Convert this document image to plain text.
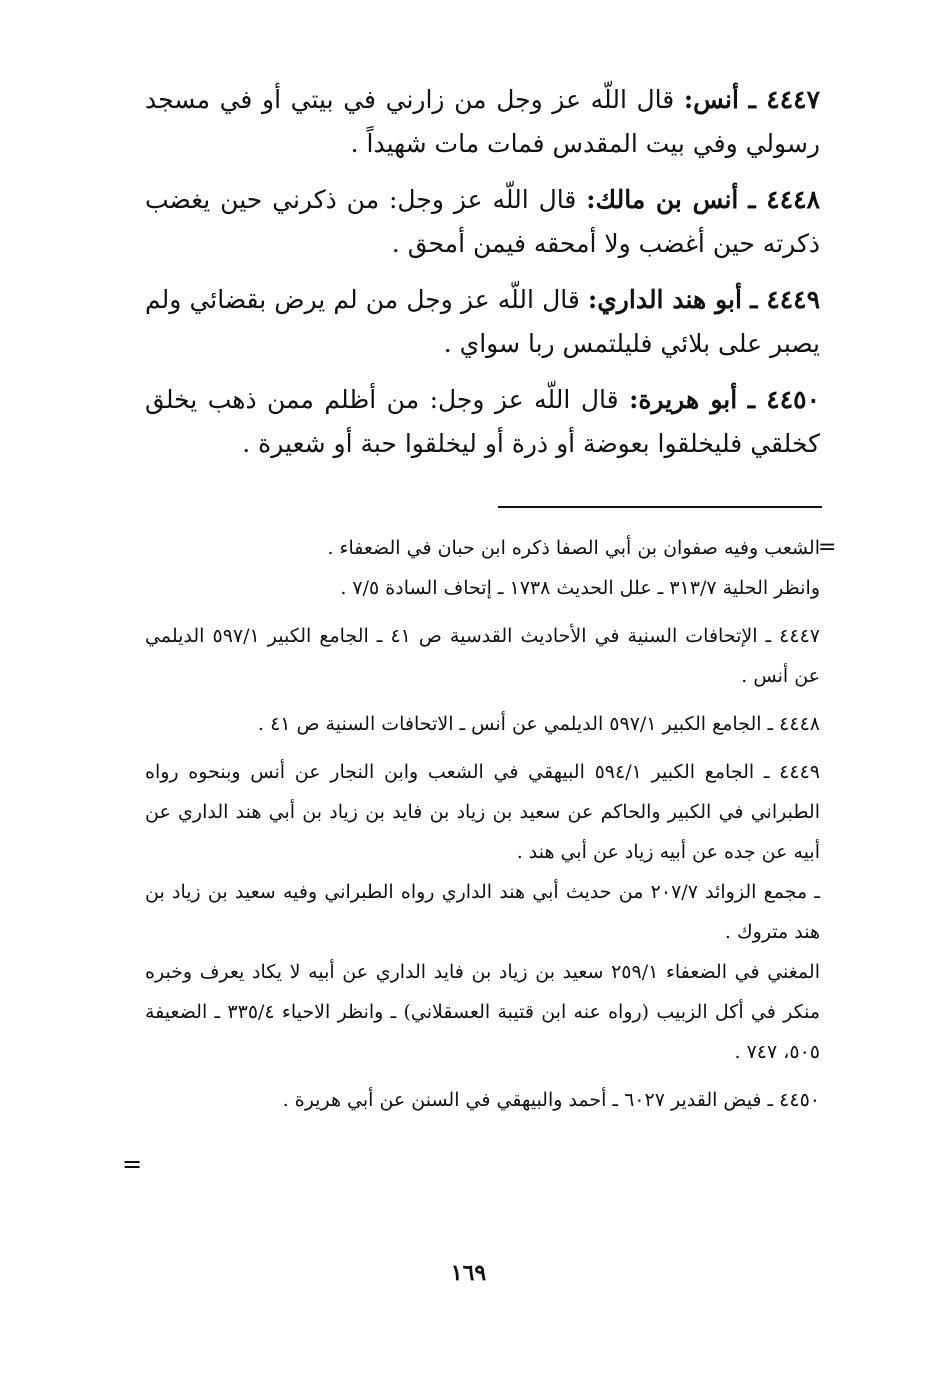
٤٤٤٧ ـ أنس: قال اللّه عز وجل من زارني في بيتي أو في مسجد رسولي وفي بيت المقدس فمات مات شهيداً .

٤٤٤٨ ـ أنس بن مالك: قال اللّه عز وجل: من ذكرني حين يغضب ذكرته حين أغضب ولا أمحقه فيمن أمحق .

٤٤٤٩ ـ أبو هند الداري: قال اللّه عز وجل من لم يرض بقضائي ولم يصبر على بلائي فليلتمس ربا سواي .

٤٤٥٠ ـ أبو هريرة: قال اللّه عز وجل: من أظلم ممن ذهب يخلق كخلقي فليخلقوا بعوضة أو ذرة أو ليخلقوا حبة أو شعيرة .

=

الشعب وفيه صفوان بن أبي الصفا ذكره ابن حبان في الضعفاء .

وانظر الحلية ٣١٣/٧ ـ علل الحديث ١٧٣٨ ـ إتحاف السادة ٧/٥ .

٤٤٤٧ ـ الإتحافات السنية في الأحاديث القدسية ص ٤١ ـ الجامع الكبير ٥٩٧/١ الديلمي عن أنس .

٤٤٤٨ ـ الجامع الكبير ٥٩٧/١ الديلمي عن أنس ـ الاتحافات السنية ص ٤١ .

٤٤٤٩ ـ الجامع الكبير ٥٩٤/١ البيهقي في الشعب وابن النجار عن أنس وبنحوه رواه الطبراني في الكبير والحاكم عن سعيد بن زياد بن فايد بن زياد بن أبي هند الداري عن أبيه عن جده عن أبيه زياد عن أبي هند .

ـ مجمع الزوائد ٢٠٧/٧ من حديث أبي هند الداري رواه الطبراني وفيه سعيد بن زياد بن هند متروك .

المغني في الضعفاء ٢٥٩/١ سعيد بن زياد بن فايد الداري عن أبيه لا يكاد يعرف وخبره منكر في أكل الزبيب (رواه عنه ابن قتيبة العسقلاني) ـ وانظر الاحياء ٣٣٥/٤ ـ الضعيفة ٥٠٥، ٧٤٧ .

٤٤٥٠ ـ فيض القدير ٦٠٢٧ ـ أحمد والبيهقي في السنن عن أبي هريرة .

=
١٦٩
